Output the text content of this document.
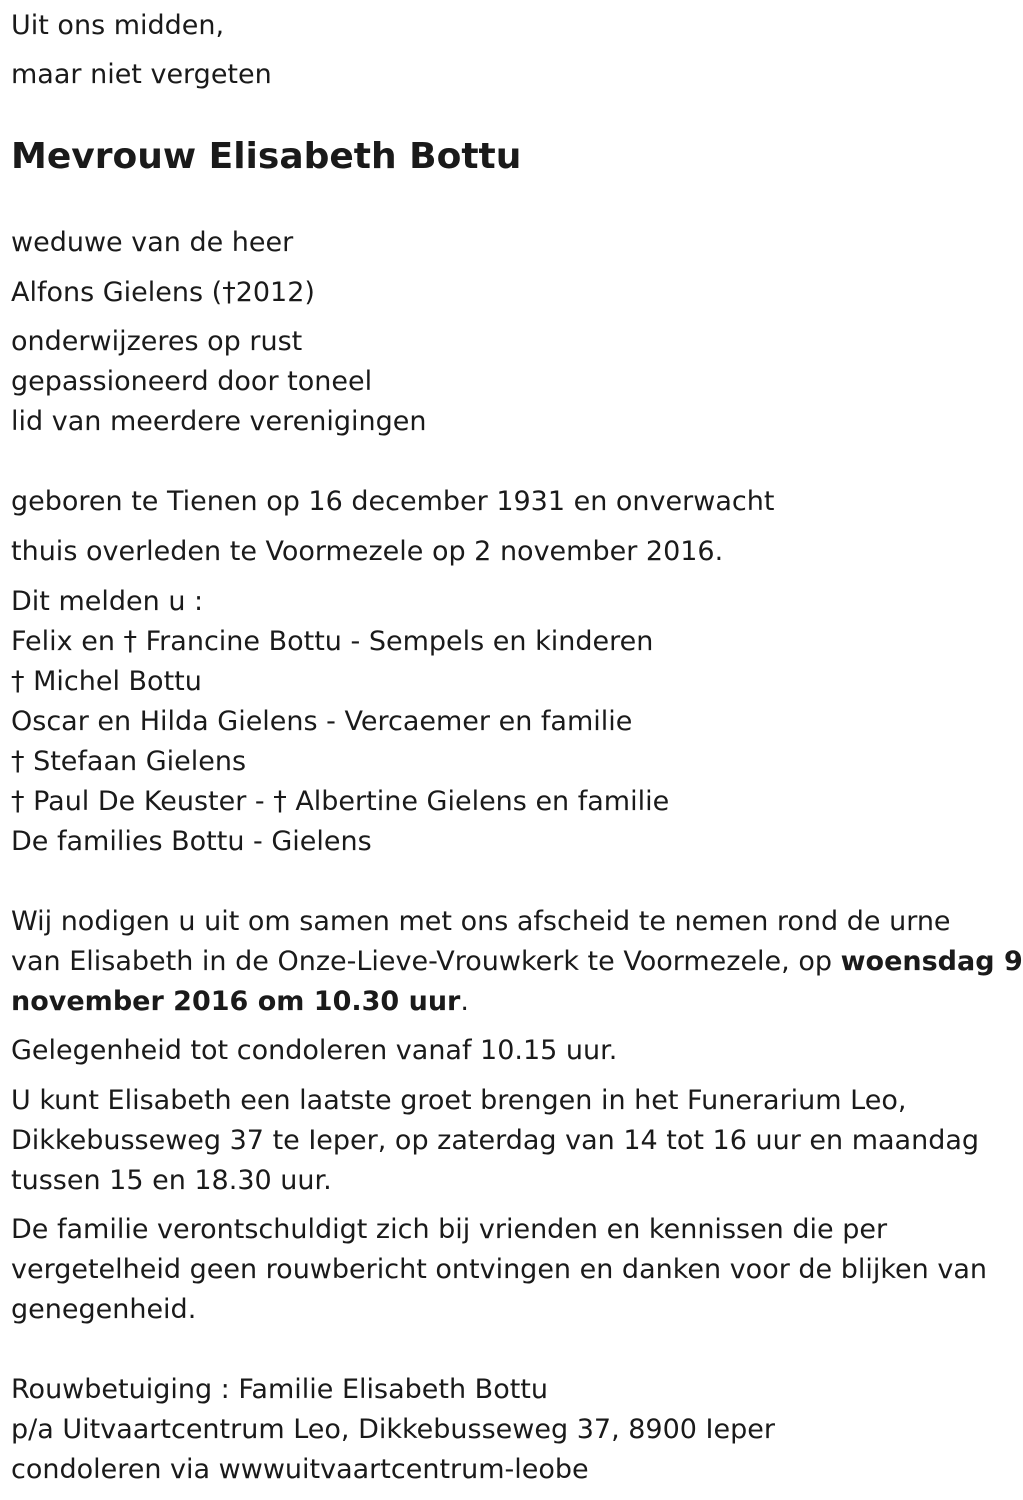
Uit ons midden,
maar niet vergeten
Mevrouw Elisabeth Bottu
weduwe van de heer
Alfons Gielens (†2012)
onderwijzeres op rust
gepassioneerd door toneel
lid van meerdere verenigingen
geboren te Tienen op 16 december 1931 en onverwacht
thuis overleden te Voormezele op 2 november 2016.
Dit melden u :
Felix en † Francine Bottu - Sempels en kinderen
† Michel Bottu
Oscar en Hilda Gielens - Vercaemer en familie
† Stefaan Gielens
† Paul De Keuster - † Albertine Gielens en familie
De families Bottu - Gielens
Wij nodigen u uit om samen met ons afscheid te nemen rond de urne
van Elisabeth in de Onze-Lieve-Vrouwkerk te Voormezele, op woensdag 9
november 2016 om 10.30 uur.
Gelegenheid tot condoleren vanaf 10.15 uur.
U kunt Elisabeth een laatste groet brengen in het Funerarium Leo,
Dikkebusseweg 37 te Ieper, op zaterdag van 14 tot 16 uur en maandag
tussen 15 en 18.30 uur.
De familie verontschuldigt zich bij vrienden en kennissen die per
vergetelheid geen rouwbericht ontvingen en danken voor de blijken van
genegenheid.
Rouwbetuiging : Familie Elisabeth Bottu
p/a Uitvaartcentrum Leo, Dikkebusseweg 37, 8900 Ieper
condoleren via wwwuitvaartcentrum-leobe
